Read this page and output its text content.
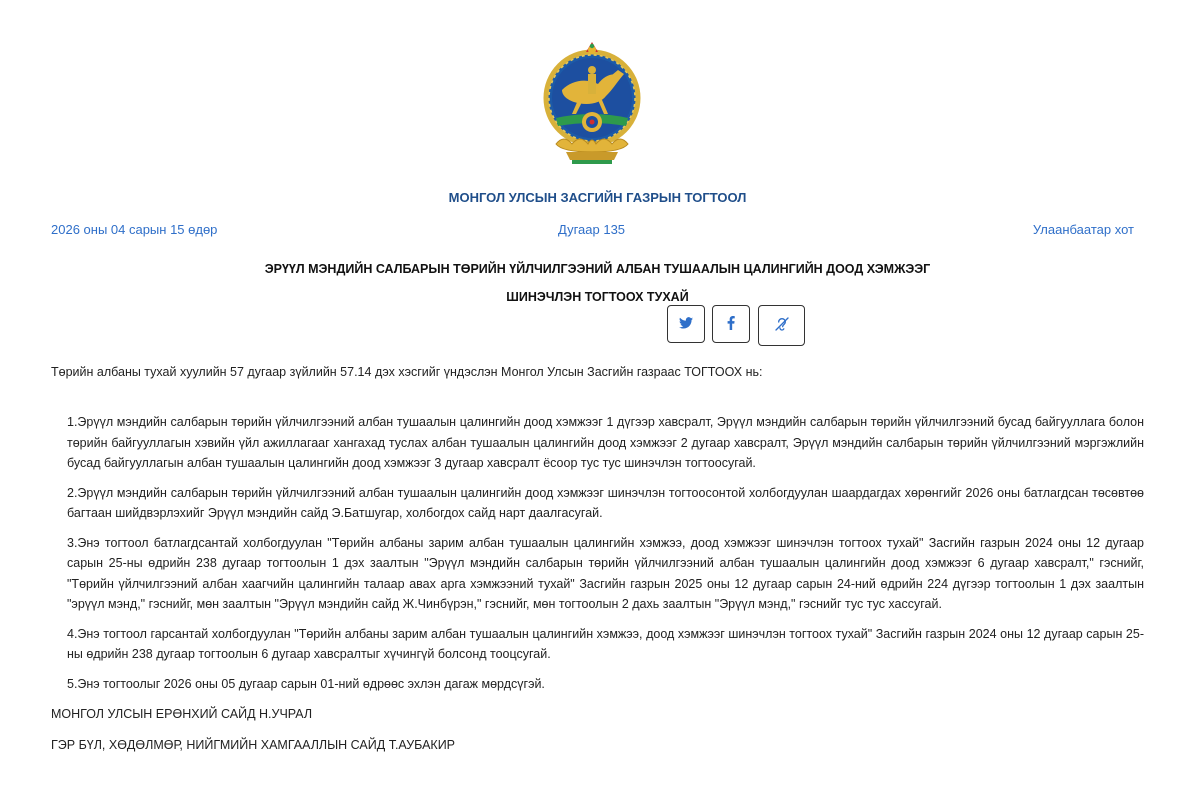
МОНГОЛ УЛСЫН ЗАСГИЙН ГАЗРЫН ТОГТООЛ
2026 оны 04 сарын 15 өдөр	Дугаар 135	Улаанбаатар хот
ЭРҮҮЛ МЭНДИЙН САЛБАРЫН ТӨРИЙН ҮЙЛЧИЛГЭЭНИЙ АЛБАН ТУШААЛЫН ЦАЛИНГИЙН ДООД ХЭМЖЭЭГ
ШИНЭЧЛЭН ТОГТООХ ТУХАЙ
Төрийн албаны тухай хуулийн 57 дугаар зүйлийн 57.14 дэх хэсгийг үндэслэн Монгол Улсын Засгийн газраас ТОГТООХ нь:

1.Эрүүл мэндийн салбарын төрийн үйлчилгээний албан тушаалын цалингийн доод хэмжээг 1 дүгээр хавсралт, Эрүүл мэндийн салбарын төрийн үйлчилгээний бусад байгууллага болон төрийн байгууллагын хэвийн үйл ажиллагааг хангахад туслах албан тушаалын цалингийн доод хэмжээг 2 дугаар хавсралт, Эрүүл мэндийн салбарын төрийн үйлчилгээний мэргэжлийн бусад байгууллагын албан тушаалын цалингийн доод хэмжээг 3 дугаар хавсралт ёсоор тус тус шинэчлэн тогтоосугай.

2.Эрүүл мэндийн салбарын төрийн үйлчилгээний албан тушаалын цалингийн доод хэмжээг шинэчлэн тогтоосонтой холбогдуулан шаардагдах хөрөнгийг 2026 оны батлагдсан төсөвтөө багтаан шийдвэрлэхийг Эрүүл мэндийн сайд Э.Батшугар, холбогдох сайд нарт даалгасугай.

3.Энэ тогтоол батлагдсантай холбогдуулан "Төрийн албаны зарим албан тушаалын цалингийн хэмжээ, доод хэмжээг шинэчлэн тогтоох тухай" Засгийн газрын 2024 оны 12 дугаар сарын 25-ны өдрийн 238 дугаар тогтоолын 1 дэх заалтын "Эрүүл мэндийн салбарын төрийн үйлчилгээний албан тушаалын цалингийн доод хэмжээг 6 дугаар хавсралт," гэснийг, "Төрийн үйлчилгээний албан хаагчийн цалингийн талаар авах арга хэмжээний тухай" Засгийн газрын 2025 оны 12 дугаар сарын 24-ний өдрийн 224 дүгээр тогтоолын 1 дэх заалтын "эрүүл мэнд," гэснийг, мөн заалтын "Эрүүл мэндийн сайд Ж.Чинбүрэн," гэснийг, мөн тогтоолын 2 дахь заалтын "Эрүүл мэнд," гэснийг тус тус хассугай.

4.Энэ тогтоол гарсантай холбогдуулан "Төрийн албаны зарим албан тушаалын цалингийн хэмжээ, доод хэмжээг шинэчлэн тогтоох тухай" Засгийн газрын 2024 оны 12 дугаар сарын 25-ны өдрийн 238 дугаар тогтоолын 6 дугаар хавсралтыг хүчингүй болсонд тооцсугай.

5.Энэ тогтоолыг 2026 оны 05 дугаар сарын 01-ний өдрөөс эхлэн дагаж мөрдсүгэй.

МОНГОЛ УЛСЫН ЕРӨНХИЙ САЙД Н.УЧРАЛ
ГЭР БҮЛ, ХӨДӨЛМӨР, НИЙГМИЙН ХАМГААЛЛЫН САЙД Т.АУБАКИР
